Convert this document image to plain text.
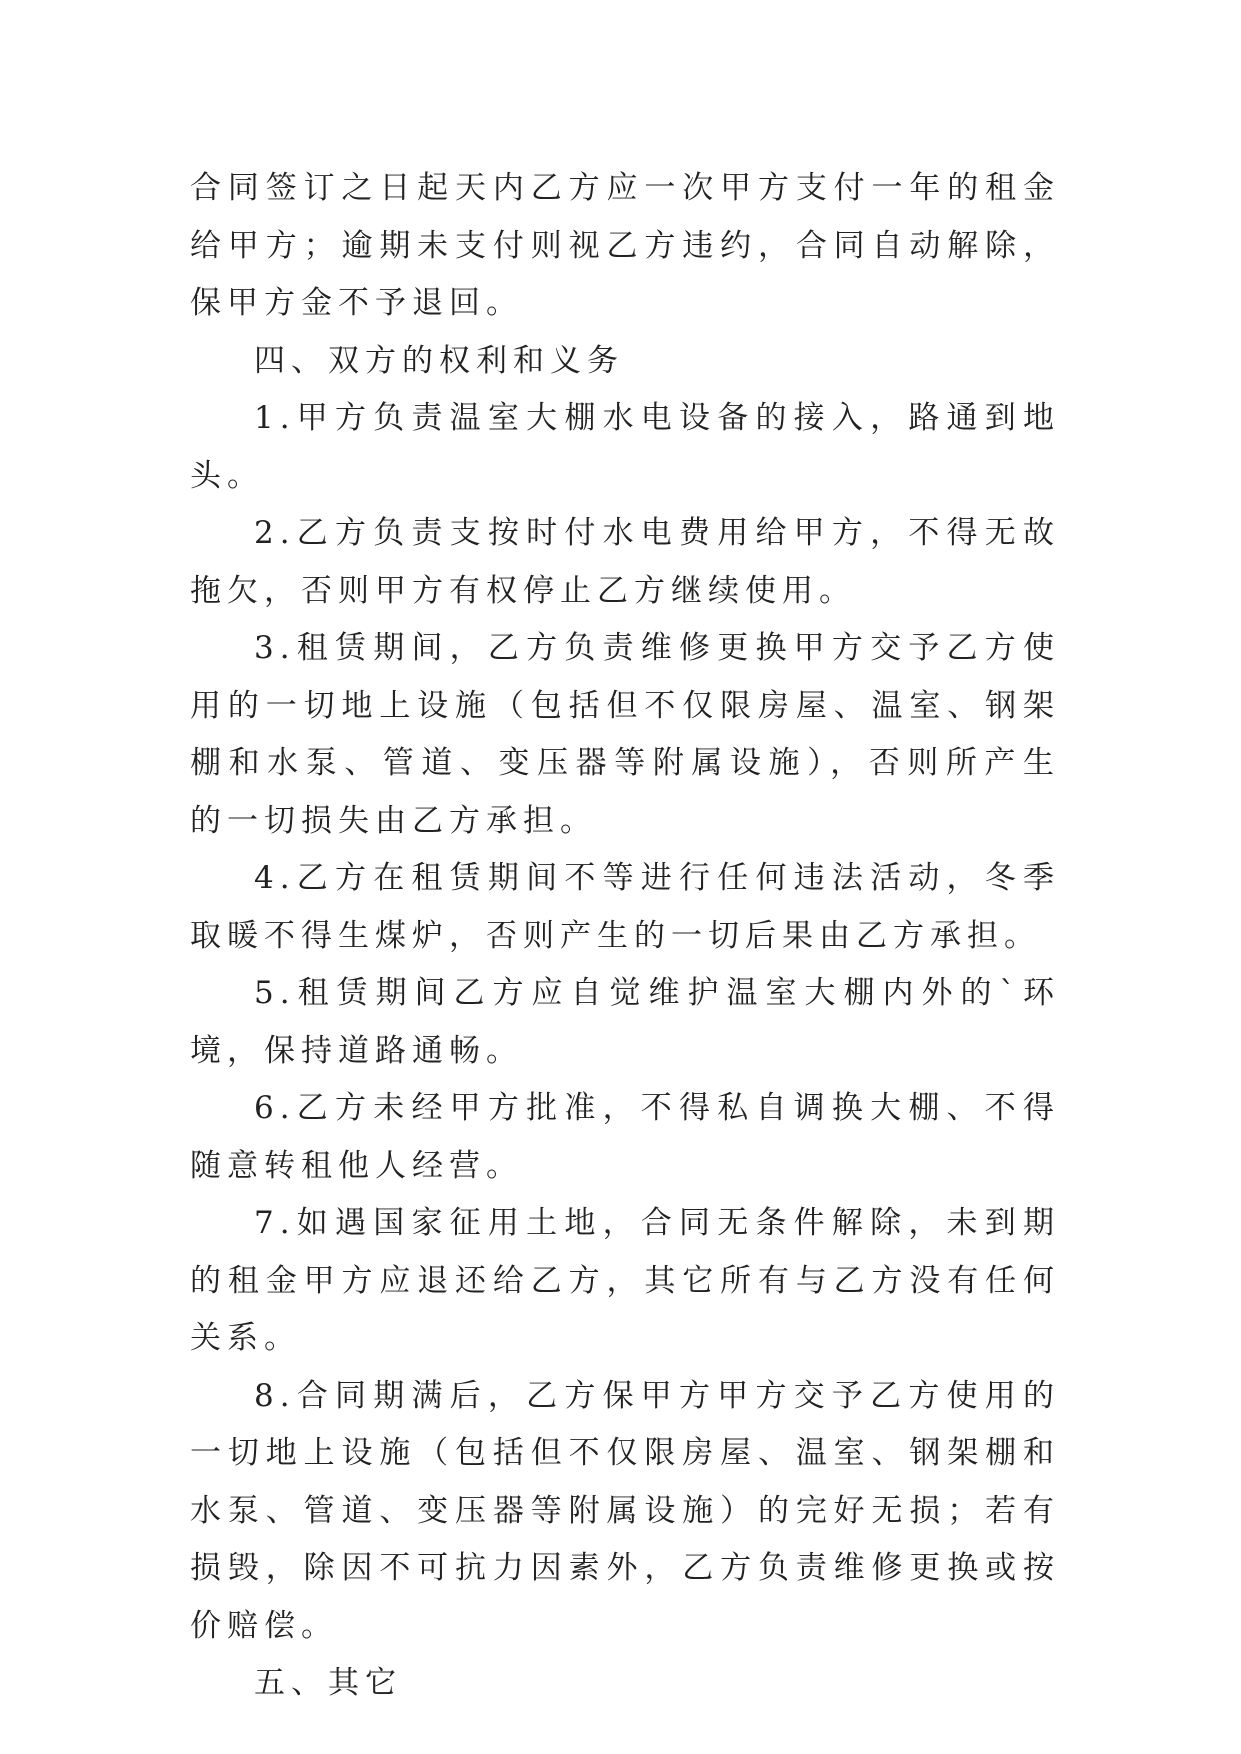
合同签订之日起天内乙方应一次甲方支付一年的租金给甲方；逾期未支付则视乙方违约，合同自动解除，保甲方金不予退回。

四、双方的权利和义务

1.甲方负责温室大棚水电设备的接入，路通到地头。

2.乙方负责支按时付水电费用给甲方，不得无故拖欠，否则甲方有权停止乙方继续使用。

3.租赁期间，乙方负责维修更换甲方交予乙方使用的一切地上设施（包括但不仅限房屋、温室、钢架棚和水泵、管道、变压器等附属设施），否则所产生的一切损失由乙方承担。

4.乙方在租赁期间不等进行任何违法活动，冬季取暖不得生煤炉，否则产生的一切后果由乙方承担。

5.租赁期间乙方应自觉维护温室大棚内外的`环境，保持道路通畅。

6.乙方未经甲方批准，不得私自调换大棚、不得随意转租他人经营。

7.如遇国家征用土地，合同无条件解除，未到期的租金甲方应退还给乙方，其它所有与乙方没有任何关系。

8.合同期满后，乙方保甲方甲方交予乙方使用的一切地上设施（包括但不仅限房屋、温室、钢架棚和水泵、管道、变压器等附属设施）的完好无损；若有损毁，除因不可抗力因素外，乙方负责维修更换或按价赔偿。

五、其它
